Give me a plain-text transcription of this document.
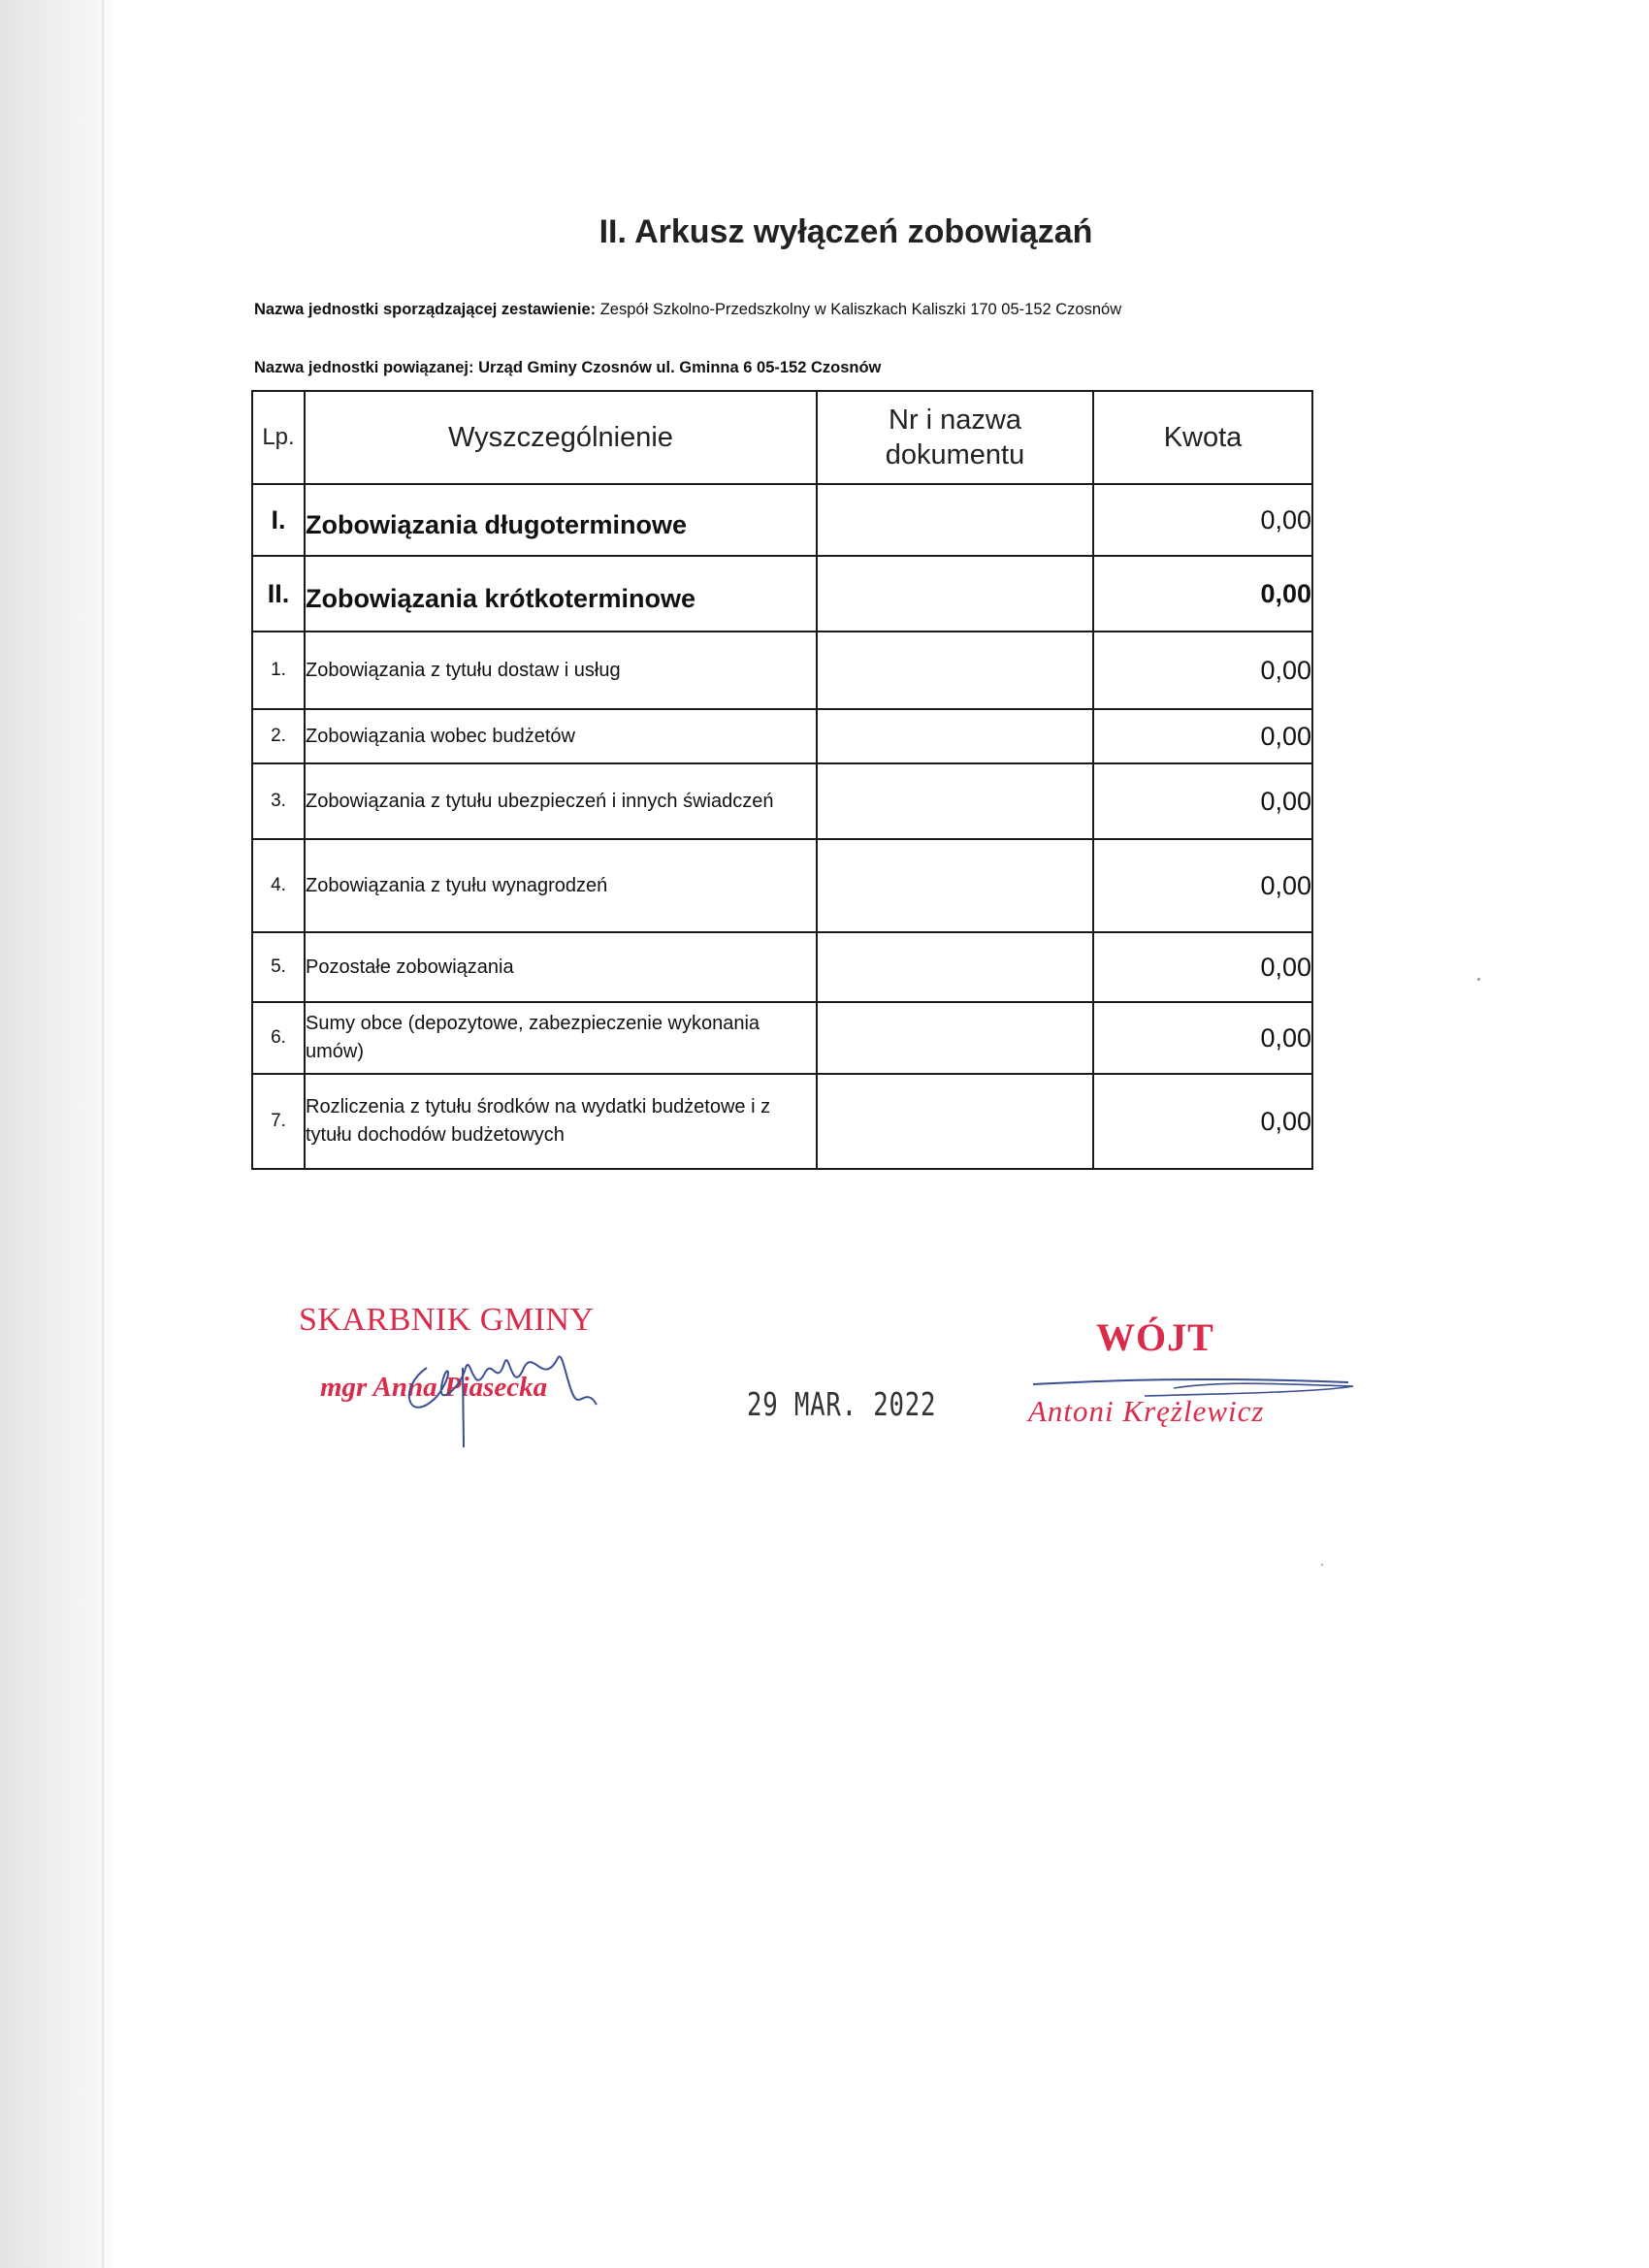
II. Arkusz wyłączeń zobowiązań
Nazwa jednostki sporządzającej zestawienie: Zespół Szkolno-Przedszkolny w Kaliszkach Kaliszki 170 05-152 Czosnów
Nazwa jednostki powiązanej: Urząd Gminy Czosnów ul. Gminna 6 05-152 Czosnów
Lp.	Wyszczególnienie	Nr i nazwa dokumentu	Kwota
I.	Zobowiązania długoterminowe		0,00
II.	Zobowiązania krótkoterminowe		0,00
1.	Zobowiązania z tytułu dostaw i usług		0,00
2.	Zobowiązania wobec budżetów		0,00
3.	Zobowiązania z tytułu ubezpieczeń i innych świadczeń		0,00
4.	Zobowiązania z tyułu wynagrodzeń		0,00
5.	Pozostałe zobowiązania		0,00
6.	Sumy obce (depozytowe, zabezpieczenie wykonania umów)		0,00
7.	Rozliczenia z tytułu środków na wydatki budżetowe i z tytułu dochodów budżetowych		0,00
SKARBNIK GMINY
mgr Anna Piasecka	29 MAR. 2022
WÓJT
Antoni Krężlewicz
